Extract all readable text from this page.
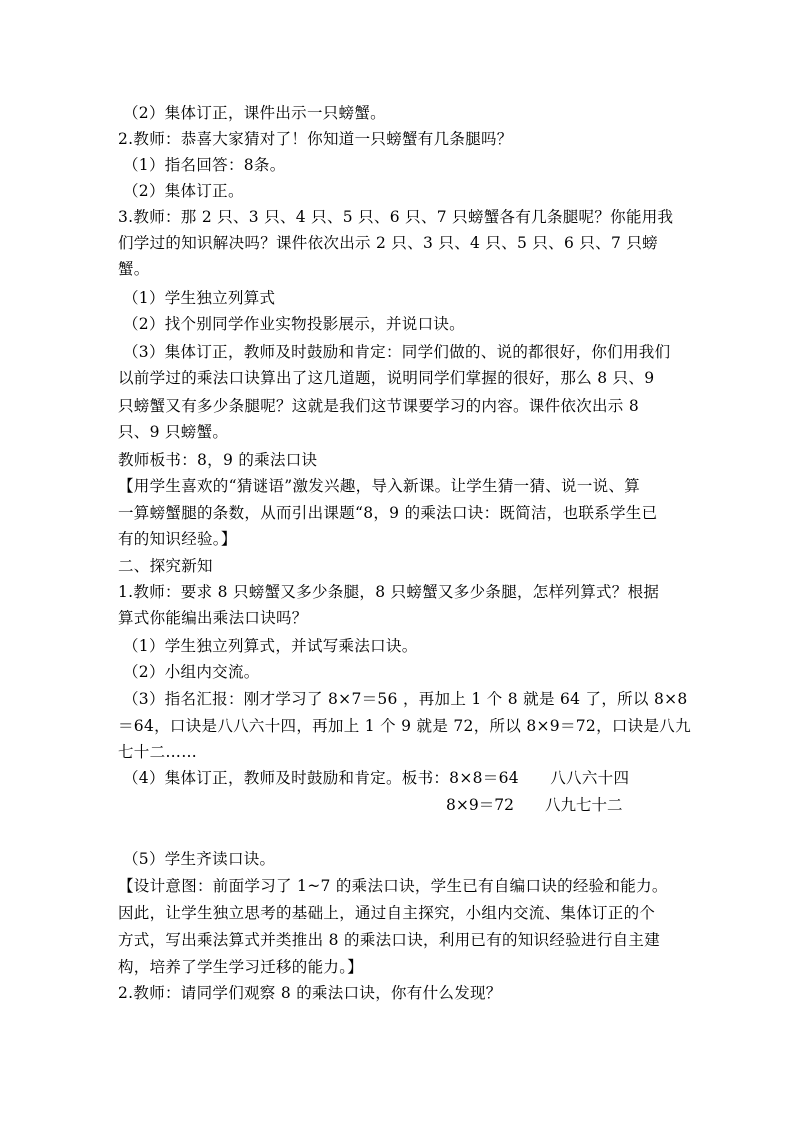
（2）集体订正，课件出示一只螃蟹。
2.教师：恭喜大家猜对了！你知道一只螃蟹有几条腿吗？
（1）指名回答：8条。
（2）集体订正。
3.教师：那 2 只、3 只、4 只、5 只、6 只、7 只螃蟹各有几条腿呢？你能用我
们学过的知识解决吗？课件依次出示 2 只、3 只、4 只、5 只、6 只、7 只螃
蟹。
（1）学生独立列算式
（2）找个别同学作业实物投影展示，并说口诀。
（3）集体订正，教师及时鼓励和肯定：同学们做的、说的都很好，你们用我们
以前学过的乘法口诀算出了这几道题，说明同学们掌握的很好，那么 8 只、9
只螃蟹又有多少条腿呢？这就是我们这节课要学习的内容。课件依次出示 8
只、9 只螃蟹。
教师板书：8，9 的乘法口诀
【用学生喜欢的“猜谜语”激发兴趣，导入新课。让学生猜一猜、说一说、算
一算螃蟹腿的条数，从而引出课题“8，9 的乘法口诀：既简洁，也联系学生已
有的知识经验。】
二、探究新知
1.教师：要求 8 只螃蟹又多少条腿，8 只螃蟹又多少条腿，怎样列算式？根据
算式你能编出乘法口诀吗？
（1）学生独立列算式，并试写乘法口诀。
（2）小组内交流。
（3）指名汇报：刚才学习了 8×7＝56 ，再加上 1 个 8 就是 64 了，所以 8×8
＝64，口诀是八八六十四，再加上 1 个 9 就是 72，所以 8×9＝72，口诀是八九
七十二……
（4）集体订正，教师及时鼓励和肯定。板书：8×8＝64      八八六十四
8×9＝72 八九七十二
（5）学生齐读口诀。
【设计意图：前面学习了 1~7 的乘法口诀，学生已有自编口诀的经验和能力。
因此，让学生独立思考的基础上，通过自主探究，小组内交流、集体订正的个
方式，写出乘法算式并类推出 8 的乘法口诀，利用已有的知识经验进行自主建
构，培养了学生学习迁移的能力。】
2.教师：请同学们观察 8 的乘法口诀，你有什么发现？
